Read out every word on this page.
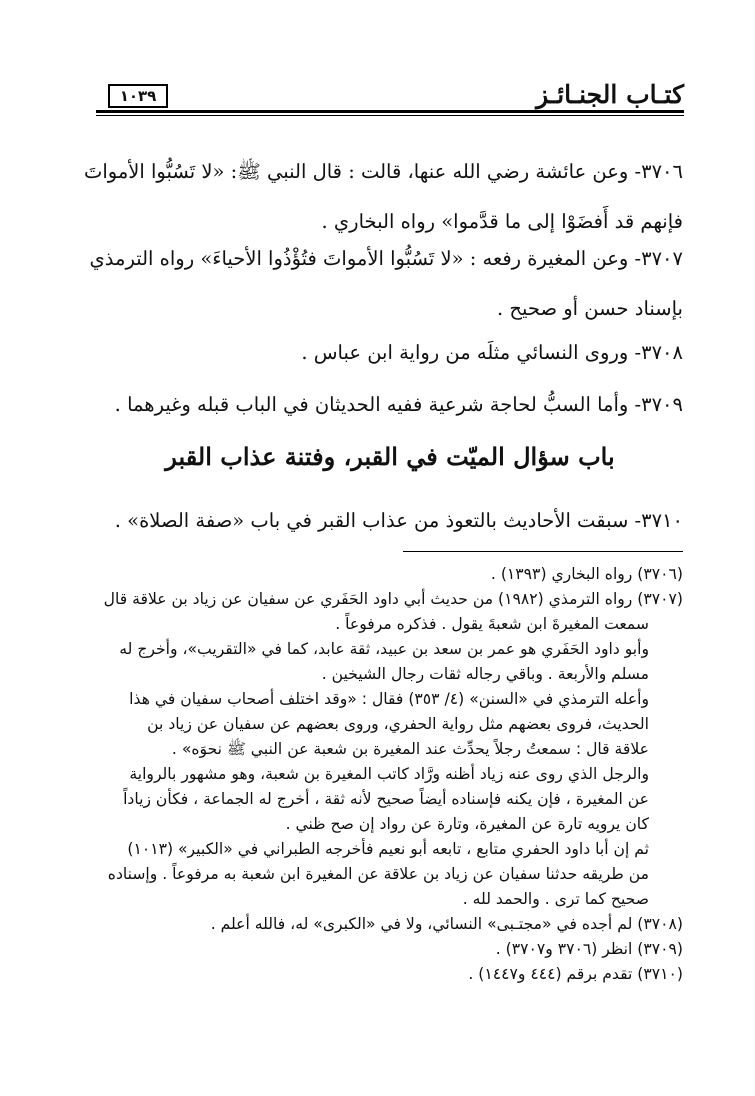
كتـاب الجنـائـز
١٠٣٩
٣٧٠٦- وعن عائشة رضي الله عنها، قالت : قال النبي ﷺ: «لا تَسُبُّوا الأمواتَ
فإنهم قد أَفضَوْا إلى ما قدَّموا» رواه البخاري .
٣٧٠٧- وعن المغيرة رفعه : «لا تَسُبُّوا الأمواتَ فتُؤْذُوا الأحياءَ» رواه الترمذي
بإسناد حسن أو صحيح .
٣٧٠٨- وروى النسائي مثلَه من رواية ابن عباس .
٣٧٠٩- وأما السبُّ لحاجة شرعية ففيه الحديثان في الباب قبله وغيرهما .
باب سؤال الميّت في القبر، وفتنة عذاب القبر
٣٧١٠- سبقت الأحاديث بالتعوذ من عذاب القبر في باب «صفة الصلاة» .
(٣٧٠٦) رواه البخاري (١٣٩٣) .
(٣٧٠٧) رواه الترمذي (١٩٨٢) من حديث أبي داود الحَفَري عن سفيان عن زياد بن علاقة قال
سمعت المغيرةَ ابن شعبةَ يقول . فذكره مرفوعاً .
وأبو داود الحَفَري هو عمر بن سعد بن عبيد، ثقة عابد، كما في «التقريب»، وأخرج له
مسلم والأربعة . وباقي رجاله ثقات رجال الشيخين .
وأعله الترمذي في «السنن» (٤/ ٣٥٣) فقال : «وقد اختلف أصحاب سفيان في هذا
الحديث، فروى بعضهم مثل رواية الحفري، وروى بعضهم عن سفيان عن زياد بن
علاقة قال : سمعتُ رجلاً يحدِّث عند المغيرة بن شعبة عن النبي ﷺ نحوَه» .
والرجل الذي روى عنه زياد أظنه ورَّاد كاتب المغيرة بن شعبة، وهو مشهور بالرواية
عن المغيرة ، فإن يكنه فإسناده أيضاً صحيح لأنه ثقة ، أخرج له الجماعة ، فكأن زياداً
كان يرويه تارة عن المغيرة، وتارة عن رواد إن صح ظني .
ثم إن أبا داود الحفري متابع ، تابعه أبو نعيم فأخرجه الطبراني في «الكبير» (١٠١٣)
من طريقه حدثنا سفيان عن زياد بن علاقة عن المغيرة ابن شعبة به مرفوعاً . وإسناده
صحيح كما ترى . والحمد لله .
(٣٧٠٨) لم أجده في «مجتـبى» النسائي، ولا في «الكبرى» له، فالله أعلم .
(٣٧٠٩) انظر (٣٧٠٦ و٣٧٠٧) .
(٣٧١٠) تقدم برقم (٤٤٤ و١٤٤٧) .
